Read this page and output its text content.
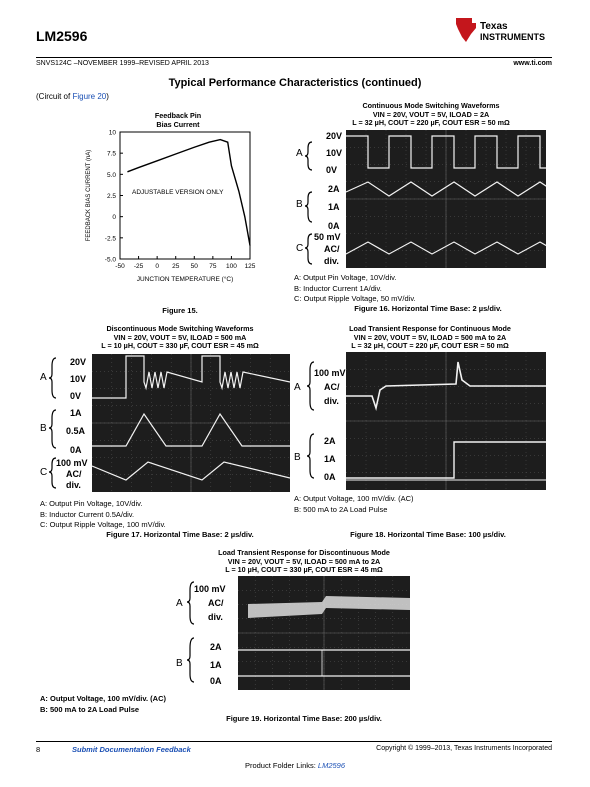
LM2596
Texas
INSTRUMENTS
SNVS124C –NOVEMBER 1999–REVISED APRIL 2013	www.ti.com
Typical Performance Characteristics (continued)
(Circuit of Figure 20)
Feedback Pin
Bias Current
10
7.5
5.0
2.5
0
-2.5
-5.0
-50 -25 0 25 50 75 100 125
ADJUSTABLE VERSION ONLY
JUNCTION TEMPERATURE (°C)
FEEDBACK BIAS CURRENT (nA)
Figure 15.
Continuous Mode Switching Waveforms
VIN = 20V, VOUT = 5V, ILOAD = 2A
L = 32 µH, COUT = 220 µF, COUT ESR = 50 mΩ
A
20V
10V
0V
B
2A
1A
0A
C
50 mV
AC/
div.
A: Output Pin Voltage, 10V/div.
B: Inductor Current 1A/div.
C: Output Ripple Voltage, 50 mV/div.
Figure 16. Horizontal Time Base: 2 µs/div.
Discontinuous Mode Switching Waveforms
VIN = 20V, VOUT = 5V, ILOAD = 500 mA
L = 10 µH, COUT = 330 µF, COUT ESR = 45 mΩ
A
20V
10V
0V
B
1A
0.5A
0A
C
100 mV
AC/
div.
A: Output Pin Voltage, 10V/div.
B: Inductor Current 0.5A/div.
C: Output Ripple Voltage, 100 mV/div.
Figure 17. Horizontal Time Base: 2 µs/div.
Load Transient Response for Continuous Mode
VIN = 20V, VOUT = 5V, ILOAD = 500 mA to 2A
L = 32 µH, COUT = 220 µF, COUT ESR = 50 mΩ
A
100 mV
AC/
div.
B
2A
1A
0A
A: Output Voltage, 100 mV/div. (AC)
B: 500 mA to 2A Load Pulse
Figure 18. Horizontal Time Base: 100 µs/div.
Load Transient Response for Discontinuous Mode
VIN = 20V, VOUT = 5V, ILOAD = 500 mA to 2A
L = 10 µH, COUT = 330 µF, COUT ESR = 45 mΩ
A
100 mV
AC/
div.
B
2A
1A
0A
A: Output Voltage, 100 mV/div. (AC)
B: 500 mA to 2A Load Pulse
Figure 19. Horizontal Time Base: 200 µs/div.
8	Submit Documentation Feedback	Copyright © 1999–2013, Texas Instruments Incorporated
Product Folder Links: LM2596
